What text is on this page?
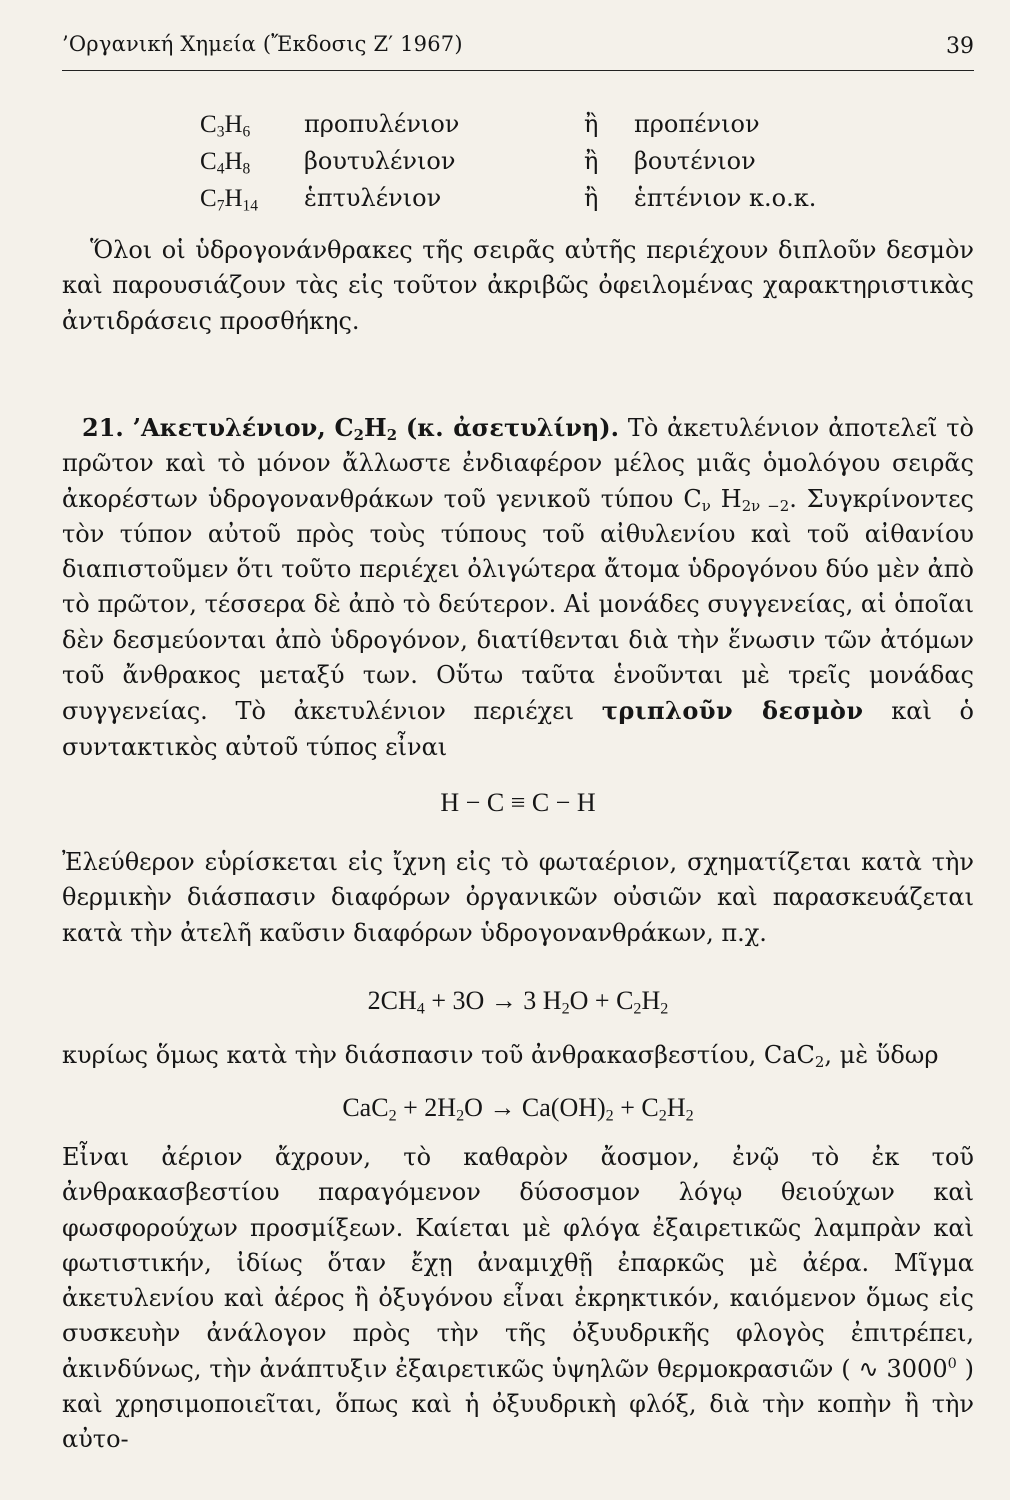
’Οργανική Χημεία (Ἔκδοσις Ζ′ 1967)	39
$C_3H_6$	προπυλένιον	ἢ	προπένιον
$C_4H_8$	βουτυλένιον	ἢ	βουτένιον
$C_7H_{14}$	ἑπτυλένιον	ἢ	ἑπτένιον κ.ο.κ.

Ὅλοι οἱ ὑδρογονάνθρακες τῆς σειρᾶς αὐτῆς περιέχουν διπλοῦν δεσμὸν καὶ παρουσιάζουν τὰς εἰς τοῦτον ἀκριβῶς ὀφειλομένας χαρακτηριστικὰς ἀντιδράσεις προσθήκης.

21. ’Ακετυλένιον, $C_2H_2$ (κ. ἀσετυλίνη). Τὸ ἀκετυλένιον ἀποτελεῖ τὸ πρῶτον καὶ τὸ μόνον ἄλλωστε ἐνδιαφέρον μέλος μιᾶς ὁμολόγου σειρᾶς ἀκορέστων ὑδρογονανθράκων τοῦ γενικοῦ τύπου $C_\nu$ $H_{2\nu -2}$. Συγκρίνοντες τὸν τύπον αὐτοῦ πρὸς τοὺς τύπους τοῦ αἰθυλενίου καὶ τοῦ αἰθανίου διαπιστοῦμεν ὅτι τοῦτο περιέχει ὀλιγώτερα ἄτομα ὑδρογόνου δύο μὲν ἀπὸ τὸ πρῶτον, τέσσερα δὲ ἀπὸ τὸ δεύτερον. Αἱ μονάδες συγγενείας, αἱ ὁποῖαι δὲν δεσμεύονται ἀπὸ ὑδρογόνον, διατίθενται διὰ τὴν ἕνωσιν τῶν ἀτόμων τοῦ ἄνθρακος μεταξύ των. Οὕτω ταῦτα ἑνοῦνται μὲ τρεῖς μονάδας συγγενείας. Τὸ ἀκετυλένιον περιέχει τριπλοῦν δεσμὸν καὶ ὁ συντακτικὸς αὐτοῦ τύπος εἶναι

H − C ≡ C − H

Ἐλεύθερον εὑρίσκεται εἰς ἴχνη εἰς τὸ φωταέριον, σχηματίζεται κατὰ τὴν θερμικὴν διάσπασιν διαφόρων ὀργανικῶν οὐσιῶν καὶ παρασκευάζεται κατὰ τὴν ἀτελῆ καῦσιν διαφόρων ὑδρογονανθράκων, π.χ.

$2CH_4 + 3O \to 3$ $H_2O + C_2H_2$

κυρίως ὅμως κατὰ τὴν διάσπασιν τοῦ ἀνθρακασβεστίου, CaC$_2$, μὲ ὕδωρ

$CaC_2 + 2H_2O \to Ca(OH)_2 + C_2H_2$

Εἶναι ἀέριον ἄχρουν, τὸ καθαρὸν ἄοσμον, ἐνῷ τὸ ἐκ τοῦ ἀνθρακασβεστίου παραγόμενον δύσοσμον λόγῳ θειούχων καὶ φωσφορούχων προσμίξεων. Καίεται μὲ φλόγα ἐξαιρετικῶς λαμπρὰν καὶ φωτιστικήν, ἰδίως ὅταν ἔχῃ ἀναμιχθῇ ἐπαρκῶς μὲ ἀέρα. Μῖγμα ἀκετυλενίου καὶ ἀέρος ἢ ὀξυγόνου εἶναι ἐκρηκτικόν, καιόμενον ὅμως εἰς συσκευὴν ἀνάλογον πρὸς τὴν τῆς ὀξυυδρικῆς φλογὸς ἐπιτρέπει, ἀκινδύνως, τὴν ἀνάπτυξιν ἐξαιρετικῶς ὑψηλῶν θερμοκρασιῶν ( ∿ 3000$^0$ ) καὶ χρησιμοποιεῖται, ὅπως καὶ ἡ ὀξυυδρικὴ φλόξ, διὰ τὴν κοπὴν ἢ τὴν αὐτο-
